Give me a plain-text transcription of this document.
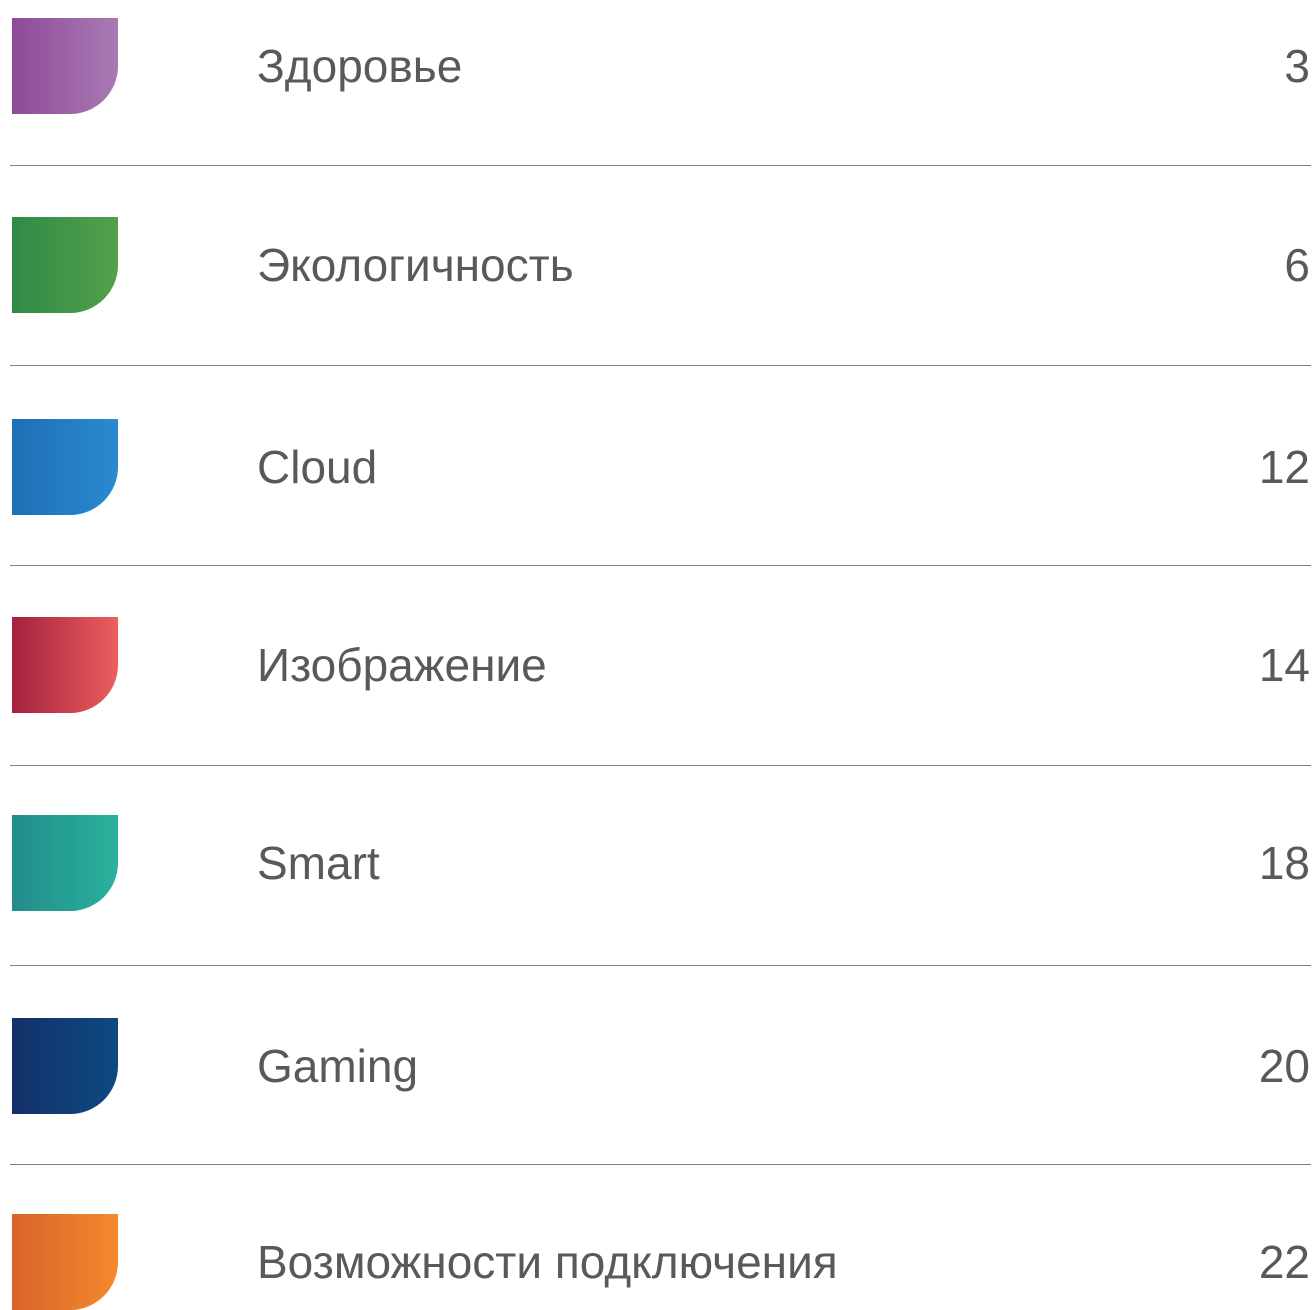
Здоровье	3
Экологичность	6
Cloud	12
Изображение	14
Smart	18
Gaming	20
Возможности подключения	22
